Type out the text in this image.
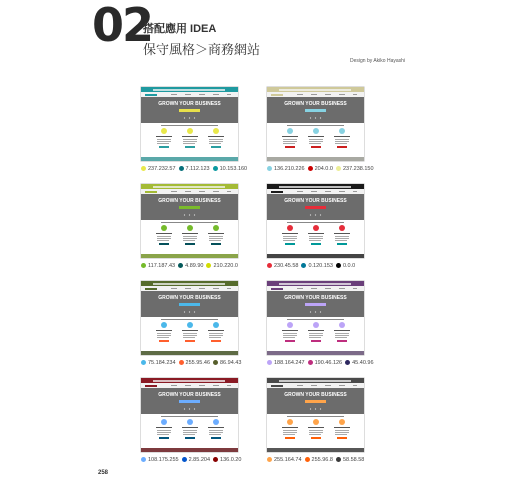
02
搭配應用 IDEA
保守風格＞商務網站
Design by Akiko Hayashi
GROWN YOUR BUSINESS
237.232.57 7.112.123 10.153.160
GROWN YOUR BUSINESS
136.210.226 204.0.0 237.238.150
GROWN YOUR BUSINESS
117.187.43 4.89.90 210.220.0
GROWN YOUR BUSINESS
230.45.58 0.120.153 0.0.0
GROWN YOUR BUSINESS
75.184.234 255.95.46 86.94.43
GROWN YOUR BUSINESS
188.164.247 190.46.126 45.40.96
GROWN YOUR BUSINESS
108.175.255 2.85.204 136.0.20
GROWN YOUR BUSINESS
255.164.74 255.96.8 58.58.58
258
